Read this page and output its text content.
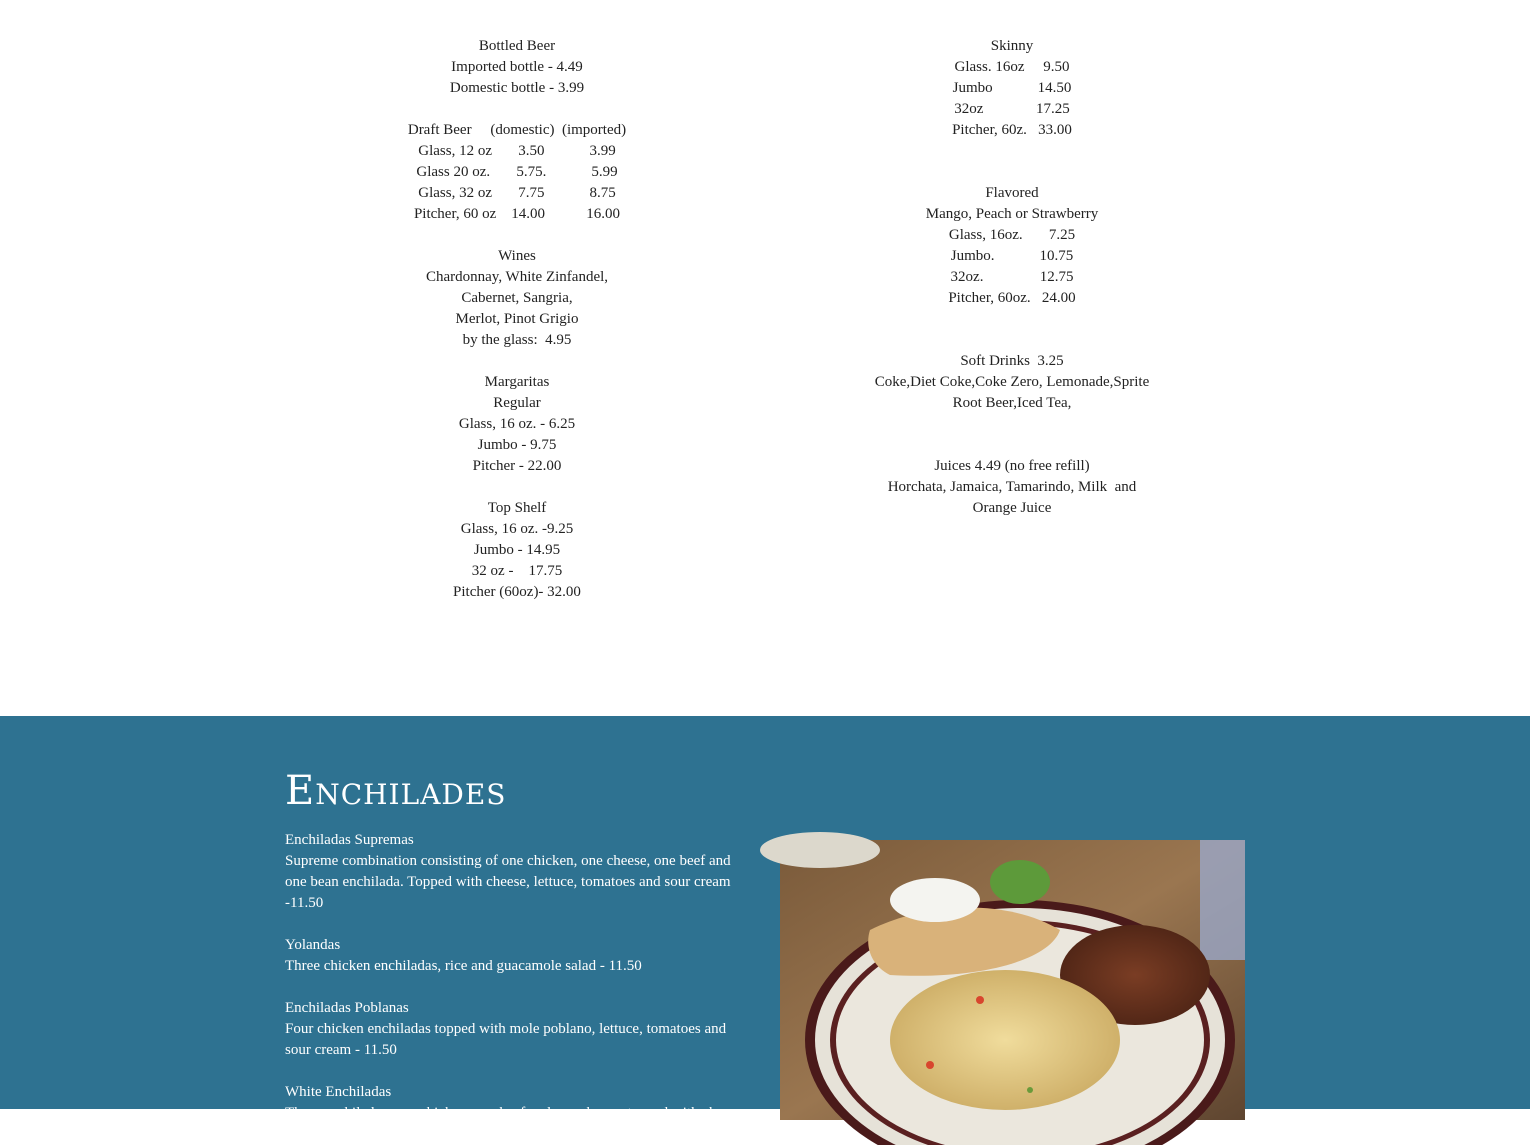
Bottled Beer
Imported bottle - 4.49
Domestic bottle - 3.99
Draft Beer     (domestic)  (imported)
Glass, 12 oz       3.50            3.99
Glass 20 oz.       5.75.            5.99
Glass, 32 oz       7.75            8.75
Pitcher, 60 oz    14.00           16.00
Wines
Chardonnay, White Zinfandel,
Cabernet, Sangria,
Merlot, Pinot Grigio
by the glass:  4.95
Margaritas
Regular
Glass, 16 oz. - 6.25
Jumbo - 9.75
Pitcher - 22.00
Top Shelf
Glass, 16 oz. -9.25
Jumbo - 14.95
32 oz -    17.75
Pitcher (60oz)- 32.00
Skinny
Glass. 16oz     9.50
Jumbo            14.50
32oz              17.25
Pitcher, 60z.   33.00
Flavored
Mango, Peach or Strawberry
Glass, 16oz.       7.25
Jumbo.            10.75
32oz.               12.75
Pitcher, 60oz.   24.00
Soft Drinks  3.25
Coke,Diet Coke,Coke Zero, Lemonade,Sprite
Root Beer,Iced Tea,
Juices 4.49 (no free refill)
Horchata, Jamaica, Tamarindo, Milk  and
Orange Juice
Enchilades
Enchiladas Supremas
Supreme combination consisting of one chicken, one cheese, one beef and one bean enchilada. Topped with cheese, lettuce, tomatoes and sour cream -11.50
Yolandas
Three chicken enchiladas, rice and guacamole salad - 11.50
Enchiladas Poblanas
Four chicken enchiladas topped with mole poblano, lettuce, tomatoes and sour cream - 11.50
White Enchiladas
Three enchiladas, one chicken, one beef and one cheese, topped with cheese
